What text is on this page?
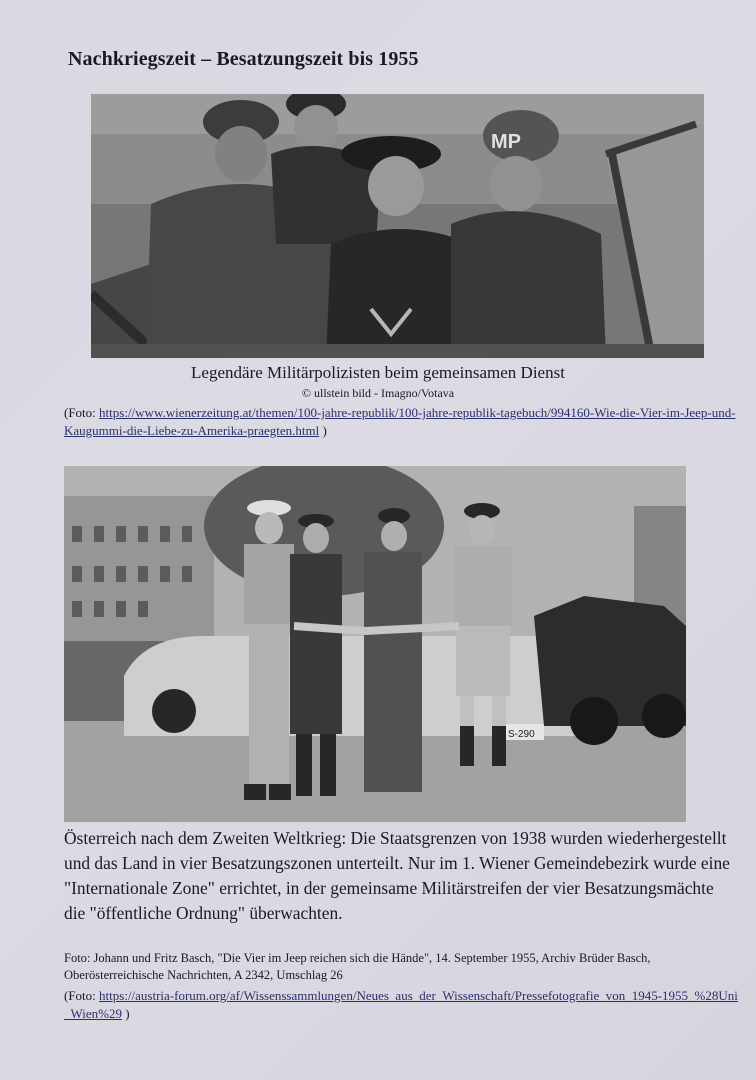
Nachkriegszeit – Besatzungszeit bis 1955
MP
Legendäre Militärpolizisten beim gemeinsamen Dienst
© ullstein bild - Imagno/Votava
(Foto: https://www.wienerzeitung.at/themen/100-jahre-republik/100-jahre-republik-tagebuch/994160-Wie-die-Vier-im-Jeep-und-Kaugummi-die-Liebe-zu-Amerika-praegten.html )
S-290
Österreich nach dem Zweiten Weltkrieg: Die Staatsgrenzen von 1938 wurden wiederhergestellt und das Land in vier Besatzungszonen unterteilt. Nur im 1. Wiener Gemeindebezirk wurde eine "Internationale Zone" errichtet, in der gemeinsame Militärstreifen der vier Besatzungsmächte die "öffentliche Ordnung" überwachten.
Foto: Johann und Fritz Basch, "Die Vier im Jeep reichen sich die Hände", 14. September 1955, Archiv Brüder Basch, Oberösterreichische Nachrichten, A 2342, Umschlag 26
(Foto: https://austria-forum.org/af/Wissenssammlungen/Neues_aus_der_Wissenschaft/Pressefotografie_von_1945-1955_%28Uni_Wien%29 )
